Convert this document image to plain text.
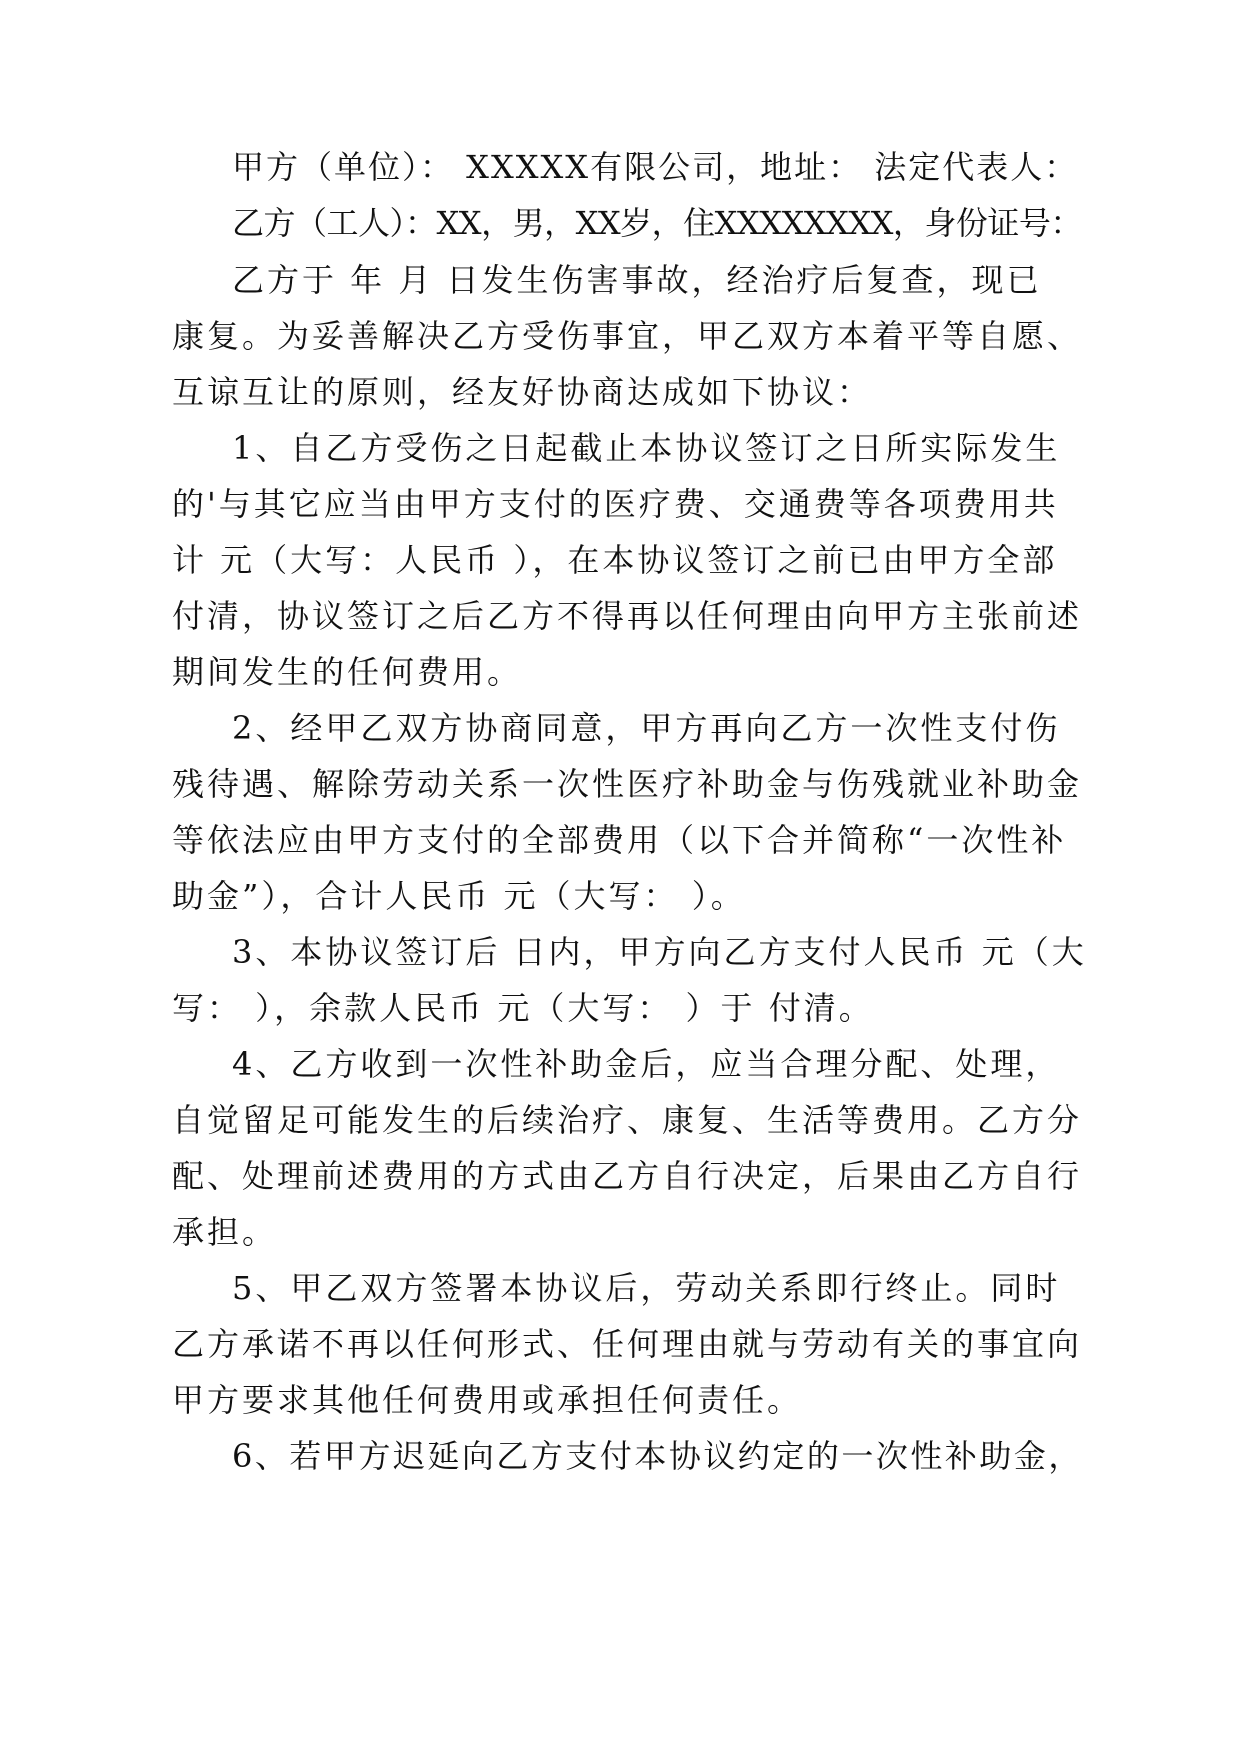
甲方（单位）： XXXXX有限公司，地址： 法定代表人：
乙方（工人）：XX，男，XX岁，住XXXXXXXX，身份证号：
乙方于 年 月 日发生伤害事故，经治疗后复查，现已
康复。为妥善解决乙方受伤事宜，甲乙双方本着平等自愿、
互谅互让的原则，经友好协商达成如下协议：
1、自乙方受伤之日起截止本协议签订之日所实际发生
的'与其它应当由甲方支付的医疗费、交通费等各项费用共
计 元（大写：人民币 ），在本协议签订之前已由甲方全部
付清，协议签订之后乙方不得再以任何理由向甲方主张前述
期间发生的任何费用。
2、经甲乙双方协商同意，甲方再向乙方一次性支付伤
残待遇、解除劳动关系一次性医疗补助金与伤残就业补助金
等依法应由甲方支付的全部费用（以下合并简称“一次性补
助金”），合计人民币 元（大写： ）。
3、本协议签订后 日内，甲方向乙方支付人民币 元（大
写： ），余款人民币 元（大写： ）于 付清。
4、乙方收到一次性补助金后，应当合理分配、处理，
自觉留足可能发生的后续治疗、康复、生活等费用。乙方分
配、处理前述费用的方式由乙方自行决定，后果由乙方自行
承担。
5、甲乙双方签署本协议后，劳动关系即行终止。同时
乙方承诺不再以任何形式、任何理由就与劳动有关的事宜向
甲方要求其他任何费用或承担任何责任。
6、若甲方迟延向乙方支付本协议约定的一次性补助金，
